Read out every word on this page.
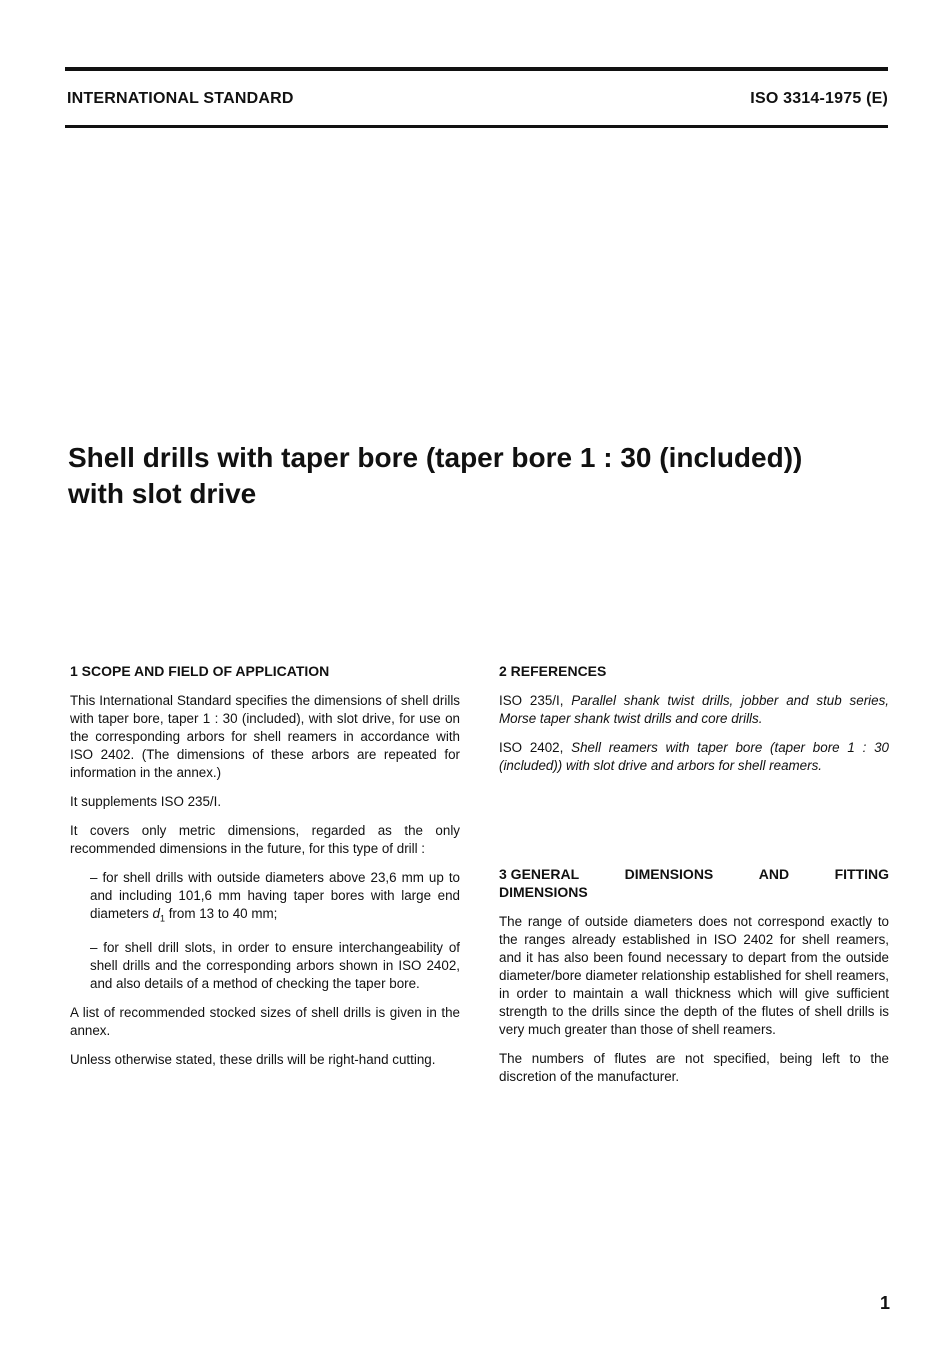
INTERNATIONAL STANDARD	ISO 3314-1975 (E)
Shell drills with taper bore (taper bore 1 : 30 (included))
with slot drive
1 SCOPE AND FIELD OF APPLICATION

This International Standard specifies the dimensions of shell drills with taper bore, taper 1 : 30 (included), with slot drive, for use on the corresponding arbors for shell reamers in accordance with ISO 2402. (The dimensions of these arbors are repeated for information in the annex.)

It supplements ISO 235/I.

It covers only metric dimensions, regarded as the only recommended dimensions in the future, for this type of drill :

– for shell drills with outside diameters above 23,6 mm up to and including 101,6 mm having taper bores with large end diameters $d_1$ from 13 to 40 mm;

– for shell drill slots, in order to ensure interchangeability of shell drills and the corresponding arbors shown in ISO 2402, and also details of a method of checking the taper bore.

A list of recommended stocked sizes of shell drills is given in the annex.

Unless otherwise stated, these drills will be right-hand cutting.

2 REFERENCES

ISO 235/I, Parallel shank twist drills, jobber and stub series, Morse taper shank twist drills and core drills.

ISO 2402, Shell reamers with taper bore (taper bore 1 : 30 (included)) with slot drive and arbors for shell reamers.

3 GENERAL	DIMENSIONS	AND	FITTING
DIMENSIONS

The range of outside diameters does not correspond exactly to the ranges already established in ISO 2402 for shell reamers, and it has also been found necessary to depart from the outside diameter/bore diameter relationship established for shell reamers, in order to maintain a wall thickness which will give sufficient strength to the drills since the depth of the flutes of shell drills is very much greater than those of shell reamers.

The numbers of flutes are not specified, being left to the discretion of the manufacturer.

1
